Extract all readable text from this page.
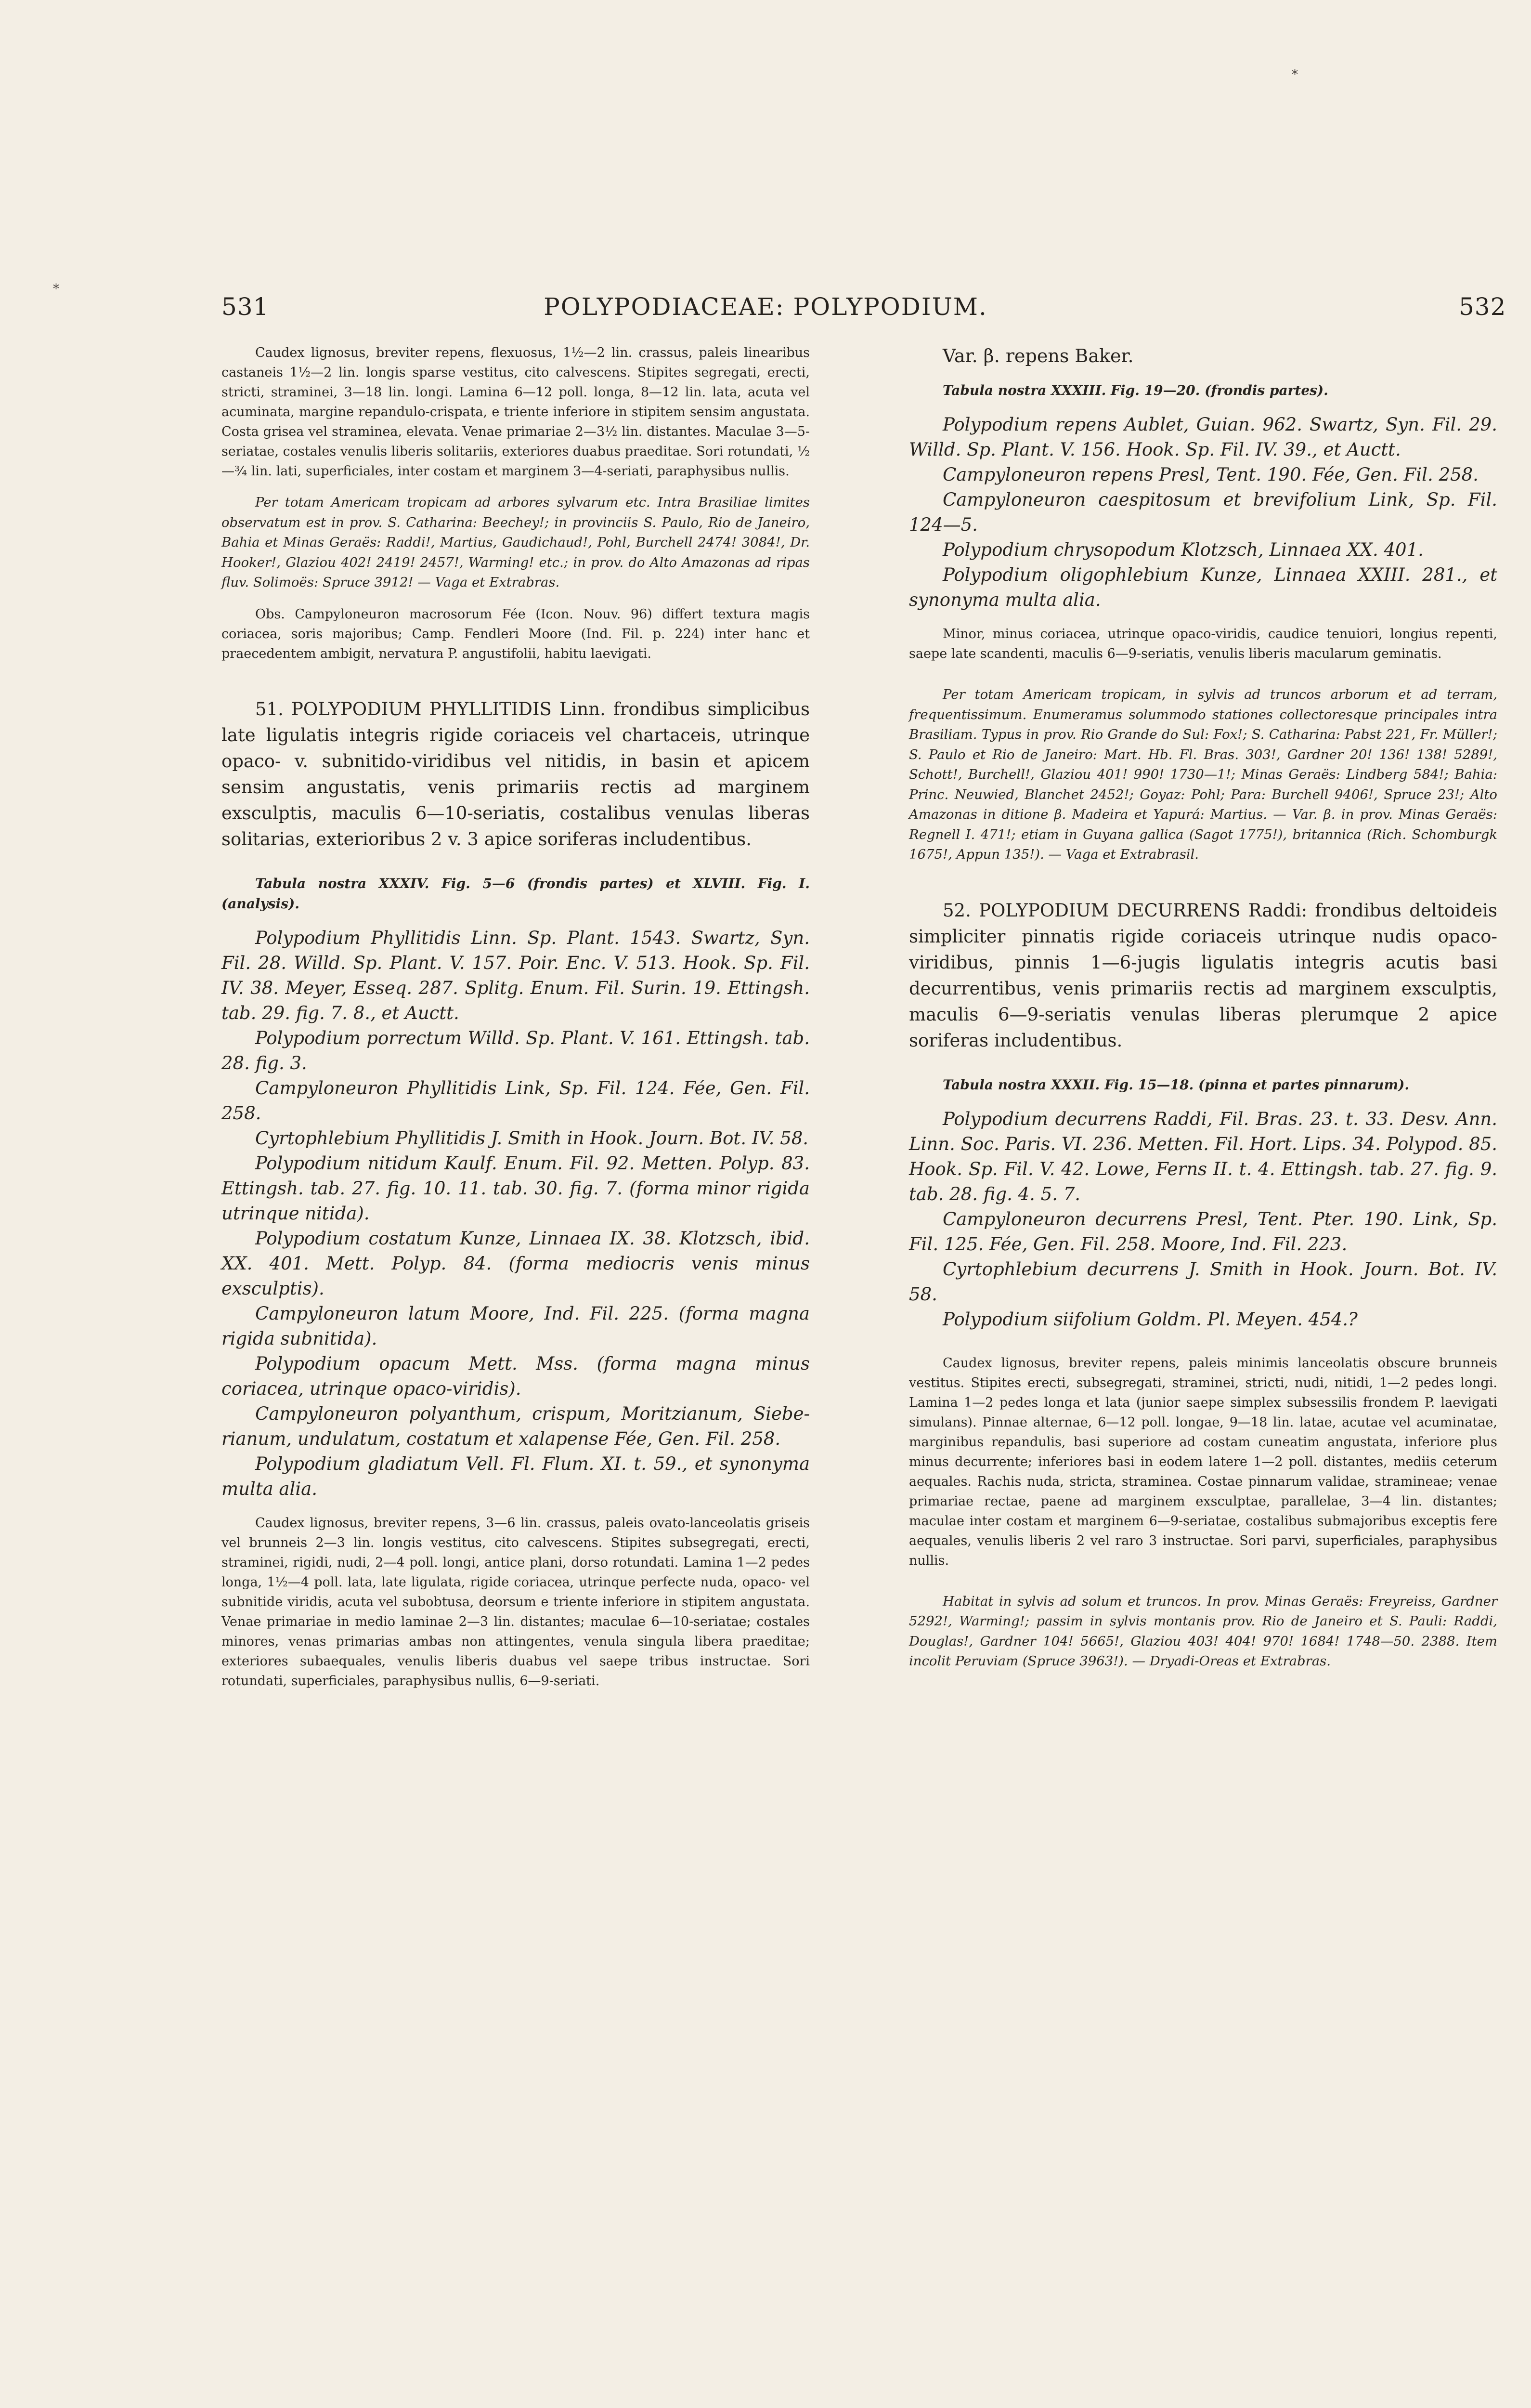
*
*
531	POLYPODIACEAE: POLYPODIUM.	532

Caudex lignosus, breviter repens, flexuosus, 1½—2 lin. crassus, paleis linearibus castaneis 1½—2 lin. longis sparse vestitus, cito calvescens. Stipites segregati, erecti, stricti, straminei, 3—18 lin. longi. Lamina 6—12 poll. longa, 8—12 lin. lata, acuta vel acuminata, margine repandulo-crispata, e triente inferiore in stipitem sensim angustata. Costa grisea vel straminea, elevata. Venae primariae 2—3½ lin. distantes. Maculae 3—5-seriatae, costales venulis liberis solitariis, exteriores duabus praeditae. Sori rotundati, ½—¾ lin. lati, superficiales, inter costam et marginem 3—4-seriati, paraphysibus nullis.

Per totam Americam tropicam ad arbores sylvarum etc. Intra Brasiliae limites observatum est in prov. S. Catharina: Beechey!; in provinciis S. Paulo, Rio de Janeiro, Bahia et Minas Geraës: Raddi!, Martius, Gaudichaud!, Pohl, Burchell 2474! 3084!, Dr. Hooker!, Glaziou 402! 2419! 2457!, Warming! etc.; in prov. do Alto Amazonas ad ripas fluv. Solimoës: Spruce 3912! — Vaga et Extrabras.

Obs. Campyloneuron macrosorum Fée (Icon. Nouv. 96) differt textura magis coriacea, soris majoribus; Camp. Fendleri Moore (Ind. Fil. p. 224) inter hanc et praecedentem ambigit, nervatura P. angustifolii, habitu laevigati.

51. POLYPODIUM PHYLLITIDIS Linn. frondibus simplicibus late ligulatis integris rigide coriaceis vel chartaceis, utrinque opaco- v. subnitido-viridibus vel nitidis, in basin et apicem sensim angustatis, venis primariis rectis ad marginem exsculptis, maculis 6—10-seriatis, costalibus venulas liberas solitarias, exterioribus 2 v. 3 apice soriferas includentibus.

Tabula nostra XXXIV. Fig. 5—6 (frondis partes) et XLVIII. Fig. I. (analysis).

Polypodium Phyllitidis Linn. Sp. Plant. 1543. Swartz, Syn. Fil. 28. Willd. Sp. Plant. V. 157. Poir. Enc. V. 513. Hook. Sp. Fil. IV. 38. Meyer, Esseq. 287. Splitg. Enum. Fil. Surin. 19. Ettingsh. tab. 29. fig. 7. 8., et Auctt.

Polypodium porrectum Willd. Sp. Plant. V. 161. Ettingsh. tab. 28. fig. 3.

Campyloneuron Phyllitidis Link, Sp. Fil. 124. Fée, Gen. Fil. 258.

Cyrtophlebium Phyllitidis J. Smith in Hook. Journ. Bot. IV. 58.

Polypodium nitidum Kaulf. Enum. Fil. 92. Metten. Polyp. 83. Ettingsh. tab. 27. fig. 10. 11. tab. 30. fig. 7. (forma minor rigida utrinque nitida).

Polypodium costatum Kunze, Linnaea IX. 38. Klotzsch, ibid. XX. 401. Mett. Polyp. 84. (forma mediocris venis minus exsculptis).

Campyloneuron latum Moore, Ind. Fil. 225. (forma magna rigida subnitida).

Polypodium opacum Mett. Mss. (forma magna minus coriacea, utrinque opaco-viridis).

Campyloneuron polyanthum, crispum, Moritzianum, Sieberianum, undulatum, costatum et xalapense Fée, Gen. Fil. 258.

Polypodium gladiatum Vell. Fl. Flum. XI. t. 59., et synonyma multa alia.

Caudex lignosus, breviter repens, 3—6 lin. crassus, paleis ovato-lanceolatis griseis vel brunneis 2—3 lin. longis vestitus, cito calvescens. Stipites subsegregati, erecti, straminei, rigidi, nudi, 2—4 poll. longi, antice plani, dorso rotundati. Lamina 1—2 pedes longa, 1½—4 poll. lata, late ligulata, rigide coriacea, utrinque perfecte nuda, opaco- vel subnitide viridis, acuta vel subobtusa, deorsum e triente inferiore in stipitem angustata. Venae primariae in medio laminae 2—3 lin. distantes; maculae 6—10-seriatae; costales minores, venas primarias ambas non attingentes, venula singula libera praeditae; exteriores subaequales, venulis liberis duabus vel saepe tribus instructae. Sori rotundati, superficiales, paraphysibus nullis, 6—9-seriati.

Var. β. repens Baker.

Tabula nostra XXXIII. Fig. 19—20. (frondis partes).

Polypodium repens Aublet, Guian. 962. Swartz, Syn. Fil. 29. Willd. Sp. Plant. V. 156. Hook. Sp. Fil. IV. 39., et Auctt.

Campyloneuron repens Presl, Tent. 190. Fée, Gen. Fil. 258.

Campyloneuron caespitosum et brevifolium Link, Sp. Fil. 124—5.

Polypodium chrysopodum Klotzsch, Linnaea XX. 401.

Polypodium oligophlebium Kunze, Linnaea XXIII. 281., et synonyma multa alia.

Minor, minus coriacea, utrinque opaco-viridis, caudice tenuiori, longius repenti, saepe late scandenti, maculis 6—9-seriatis, venulis liberis macularum geminatis.

Per totam Americam tropicam, in sylvis ad truncos arborum et ad terram, frequentissimum. Enumeramus solummodo stationes collectoresque principales intra Brasiliam. Typus in prov. Rio Grande do Sul: Fox!; S. Catharina: Pabst 221, Fr. Müller!; S. Paulo et Rio de Janeiro: Mart. Hb. Fl. Bras. 303!, Gardner 20! 136! 138! 5289!, Schott!, Burchell!, Glaziou 401! 990! 1730—1!; Minas Geraës: Lindberg 584!; Bahia: Princ. Neuwied, Blanchet 2452!; Goyaz: Pohl; Para: Burchell 9406!, Spruce 23!; Alto Amazonas in ditione β. Madeira et Yapurá: Martius. — Var. β. in prov. Minas Geraës: Regnell I. 471!; etiam in Guyana gallica (Sagot 1775!), britannica (Rich. Schomburgk 1675!, Appun 135!). — Vaga et Extrabrasil.

52. POLYPODIUM DECURRENS Raddi: frondibus deltoideis simpliciter pinnatis rigide coriaceis utrinque nudis opaco-viridibus, pinnis 1—6-jugis ligulatis integris acutis basi decurrentibus, venis primariis rectis ad marginem exsculptis, maculis 6—9-seriatis venulas liberas plerumque 2 apice soriferas includentibus.

Tabula nostra XXXII. Fig. 15—18. (pinna et partes pinnarum).

Polypodium decurrens Raddi, Fil. Bras. 23. t. 33. Desv. Ann. Linn. Soc. Paris. VI. 236. Metten. Fil. Hort. Lips. 34. Polypod. 85. Hook. Sp. Fil. V. 42. Lowe, Ferns II. t. 4. Ettingsh. tab. 27. fig. 9. tab. 28. fig. 4. 5. 7.

Campyloneuron decurrens Presl, Tent. Pter. 190. Link, Sp. Fil. 125. Fée, Gen. Fil. 258. Moore, Ind. Fil. 223.

Cyrtophlebium decurrens J. Smith in Hook. Journ. Bot. IV. 58.

Polypodium siifolium Goldm. Pl. Meyen. 454.?

Caudex lignosus, breviter repens, paleis minimis lanceolatis obscure brunneis vestitus. Stipites erecti, subsegregati, straminei, stricti, nudi, nitidi, 1—2 pedes longi. Lamina 1—2 pedes longa et lata (junior saepe simplex subsessilis frondem P. laevigati simulans). Pinnae alternae, 6—12 poll. longae, 9—18 lin. latae, acutae vel acuminatae, marginibus repandulis, basi superiore ad costam cuneatim angustata, inferiore plus minus decurrente; inferiores basi in eodem latere 1—2 poll. distantes, mediis ceterum aequales. Rachis nuda, stricta, straminea. Costae pinnarum validae, stramineae; venae primariae rectae, paene ad marginem exsculptae, parallelae, 3—4 lin. distantes; maculae inter costam et marginem 6—9-seriatae, costalibus submajoribus exceptis fere aequales, venulis liberis 2 vel raro 3 instructae. Sori parvi, superficiales, paraphysibus nullis.

Habitat in sylvis ad solum et truncos. In prov. Minas Geraës: Freyreiss, Gardner 5292!, Warming!; passim in sylvis montanis prov. Rio de Janeiro et S. Pauli: Raddi, Douglas!, Gardner 104! 5665!, Glaziou 403! 404! 970! 1684! 1748—50. 2388. Item incolit Peruviam (Spruce 3963!). — Dryadi-Oreas et Extrabras.
